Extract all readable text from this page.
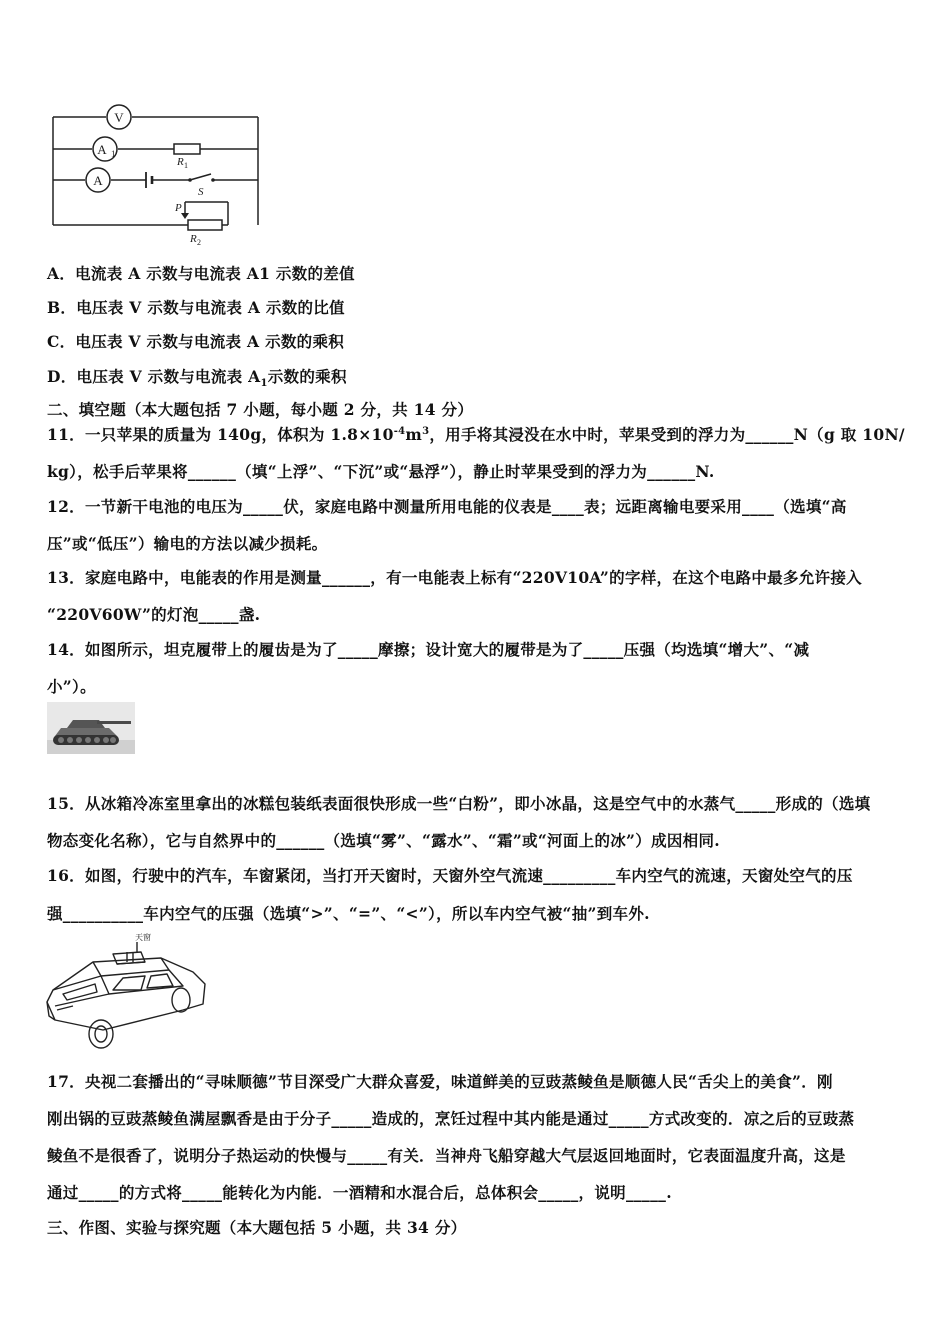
V
A 1
A
R 1
S
P
R 2
A．电流表 A 示数与电流表 A1 示数的差值
B．电压表 V 示数与电流表 A 示数的比值
C．电压表 V 示数与电流表 A 示数的乘积
D．电压表 V 示数与电流表 $A_1$示数的乘积
二、填空题（本大题包括 7 小题，每小题 2 分，共 14 分）
11．一只苹果的质量为 140g，体积为 $1.8\times 10^{-4}m^3$，用手将其浸没在水中时，苹果受到的浮力为______N（g 取 10N/
kg），松手后苹果将______（填“上浮”、“下沉”或“悬浮”），静止时苹果受到的浮力为______N.
12．一节新干电池的电压为_____伏，家庭电路中测量所用电能的仪表是____表；远距离输电要采用____（选填“高
压”或“低压”）输电的方法以减少损耗。
13．家庭电路中，电能表的作用是测量______，有一电能表上标有“220V10A”的字样，在这个电路中最多允许接入
“220V60W”的灯泡_____盏.
14．如图所示，坦克履带上的履齿是为了_____摩擦；设计宽大的履带是为了_____压强（均选填“增大”、“减
小”）。
15．从冰箱冷冻室里拿出的冰糕包装纸表面很快形成一些“白粉”，即小冰晶，这是空气中的水蒸气_____形成的（选填
物态变化名称），它与自然界中的______（选填“雾”、“露水”、“霜”或“河面上的冰”）成因相同.
16．如图，行驶中的汽车，车窗紧闭，当打开天窗时，天窗外空气流速_________车内空气的流速，天窗处空气的压
强__________车内空气的压强（选填“>”、“=”、“<”），所以车内空气被“抽”到车外.
天窗
17．央视二套播出的“寻味顺德”节目深受广大群众喜爱，味道鲜美的豆豉蒸鲮鱼是顺德人民“舌尖上的美食”．刚
刚出锅的豆豉蒸鲮鱼满屋飘香是由于分子_____造成的，烹饪过程中其内能是通过_____方式改变的．凉之后的豆豉蒸
鲮鱼不是很香了，说明分子热运动的快慢与_____有关．当神舟飞船穿越大气层返回地面时，它表面温度升高，这是
通过_____的方式将_____能转化为内能．一酒精和水混合后，总体积会_____，说明_____.
三、作图、实验与探究题（本大题包括 5 小题，共 34 分）
